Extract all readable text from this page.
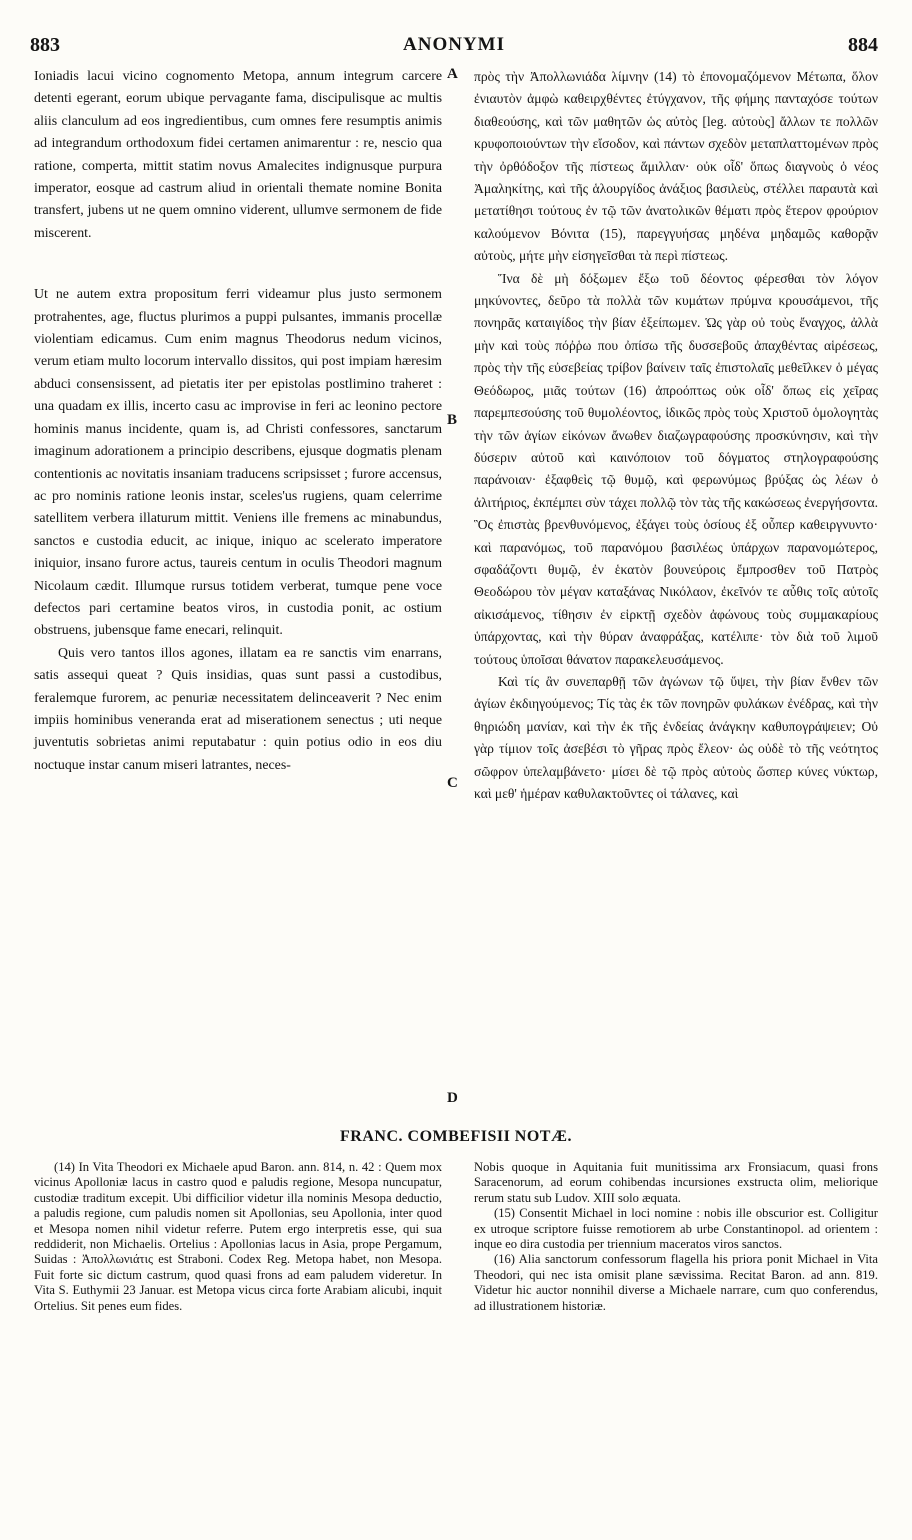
883	ANONYMI	884

Ioniadis lacui vicino cognomento Metopa, annum integrum carcere detenti egerant, eorum ubique pervagante fama, discipulisque ac multis aliis clanculum ad eos ingredientibus, cum omnes fere resumptis animis ad integrandum orthodoxum fidei certamen animarentur : re, nescio qua ratione, comperta, mittit statim novus Amalecites indignusque purpura imperator, eosque ad castrum aliud in orientali themate nomine Bonita transfert, jubens ut ne quem omnino viderent, ullumve sermonem de fide miscerent.

Ut ne autem extra propositum ferri videamur plus justo sermonem protrahentes, age, fluctus plurimos a puppi pulsantes, immanis procellæ violentiam edicamus. Cum enim magnus Theodorus nedum vicinos, verum etiam multo locorum intervallo dissitos, qui post impiam hæresim abduci consensissent, ad pietatis iter per epistolas postlimino traheret : una quadam ex illis, incerto casu ac improvise in feri ac leonino pectore hominis manus incidente, quam is, ad Christi confessores, sanctarum imaginum adorationem a principio describens, ejusque dogmatis plenam contentionis ac novitatis insaniam traducens scripsisset ; furore accensus, ac pro nominis ratione leonis instar, sceles'us rugiens, quam celerrime satellitem verbera illaturum mittit. Veniens ille fremens ac minabundus, sanctos e custodia educit, ac inique, iniquo ac scelerato imperatore iniquior, insano furore actus, taureis centum in oculis Theodori magnum Nicolaum cædit. Illumque rursus totidem verberat, tumque pene voce defectos pari certamine beatos viros, in custodia ponit, ac ostium obstruens, jubensque fame enecari, relinquit.

Quis vero tantos illos agones, illatam ea re sanctis vim enarrans, satis assequi queat ? Quis insidias, quas sunt passi a custodibus, feralemque furorem, ac penuriæ necessitatem delinceaverit ? Nec enim impiis hominibus veneranda erat ad miserationem senectus ; uti neque juventutis sobrietas animi reputabatur : quin potius odio in eos diu noctuque instar canum miseri latrantes, neces-

A
B
C
D

πρὸς τὴν Ἀπολλωνιάδα λίμνην (14) τὸ ἐπονομαζόμενον Μέτωπα, ὅλον ἐνιαυτὸν ἀμφὼ καθειρχθέντες ἐτύγχανον, τῆς φήμης πανταχόσε τούτων διαθεούσης, καὶ τῶν μαθητῶν ὡς αὐτὸς [leg. αὐτοὺς] ἄλλων τε πολλῶν κρυφοποιούντων τὴν εἴσοδον, καὶ πάντων σχεδὸν μεταπλαττομένων πρὸς τὴν ὀρθόδοξον τῆς πίστεως ἅμιλλαν· οὐκ οἶδ' ὅπως διαγνοὺς ὁ νέος Ἀμαληκίτης, καὶ τῆς ἁλουργίδος ἀνάξιος βασιλεὺς, στέλλει παραυτὰ καὶ μετατίθησι τούτους ἐν τῷ τῶν ἀνατολικῶν θέματι πρὸς ἕτερον φρούριον καλούμενον Βόνιτα (15), παρεγγυήσας μηδένα μηδαμῶς καθορᾷν αὐτοὺς, μήτε μὴν εἰσηγεῖσθαι τὰ περὶ πίστεως.

Ἵνα δὲ μὴ δόξωμεν ἔξω τοῦ δέοντος φέρεσθαι τὸν λόγον μηκύνοντες, δεῦρο τὰ πολλὰ τῶν κυμάτων πρύμνα κρουσάμενοι, τῆς πονηρᾶς καταιγίδος τὴν βίαν ἐξείπωμεν. Ὡς γὰρ οὐ τοὺς ἔναγχος, ἀλλὰ μὴν καὶ τοὺς πόῤῥω που ὀπίσω τῆς δυσσεβοῦς ἀπαχθέντας αἱρέσεως, πρὸς τὴν τῆς εὐσεβείας τρίβον βαίνειν ταῖς ἐπιστολαῖς μεθεῖλκεν ὁ μέγας Θεόδωρος, μιᾶς τούτων (16) ἀπροόπτως οὐκ οἶδ' ὅπως εἰς χεῖρας παρεμπεσούσης τοῦ θυμολέοντος, ἰδικῶς πρὸς τοὺς Χριστοῦ ὁμολογητὰς τὴν τῶν ἁγίων εἰκόνων ἄνωθεν διαζωγραφούσης προσκύνησιν, καὶ τὴν δύσεριν αὐτοῦ καὶ καινόποιον τοῦ δόγματος στηλογραφούσης παράνοιαν· ἐξαφθεὶς τῷ θυμῷ, καὶ φερωνύμως βρύξας ὡς λέων ὁ ἀλιτήριος, ἐκπέμπει σὺν τάχει πολλῷ τὸν τὰς τῆς κακώσεως ἐνεργήσοντα. Ὃς ἐπιστὰς βρενθυνόμενος, ἐξάγει τοὺς ὁσίους ἐξ οὗπερ καθειργνυντο· καὶ παρανόμως, τοῦ παρανόμου βασιλέως ὑπάρχων παρανομώτερος, σφαδάζοντι θυμῷ, ἐν ἑκατὸν βουνεύροις ἔμπροσθεν τοῦ Πατρὸς Θεοδώρου τὸν μέγαν καταξάνας Νικόλαον, ἐκεῖνόν τε αὖθις τοῖς αὐτοῖς αἰκισάμενος, τίθησιν ἐν εἱρκτῇ σχεδὸν ἀφώνους τοὺς συμμακαρίους ὑπάρχοντας, καὶ τὴν θύραν ἀναφράξας, κατέλιπε· τὸν διὰ τοῦ λιμοῦ τούτους ὑποῖσαι θάνατον παρακελευσάμενος.

Καὶ τίς ἂν συνεπαρθῇ τῶν ἀγώνων τῷ ὕψει, τὴν βίαν ἔνθεν τῶν ἁγίων ἐκδιηγούμενος; Τίς τὰς ἐκ τῶν πονηρῶν φυλάκων ἐνέδρας, καὶ τὴν θηριώδη μανίαν, καὶ τὴν ἐκ τῆς ἐνδείας ἀνάγκην καθυπογράψειεν; Οὐ γὰρ τίμιον τοῖς ἀσεβέσι τὸ γῆρας πρὸς ἔλεον· ὡς οὐδὲ τὸ τῆς νεότητος σῶφρον ὑπελαμβάνετο· μίσει δὲ τῷ πρὸς αὐτοὺς ὥσπερ κύνες νύκτωρ, καὶ μεθ' ἡμέραν καθυλακτοῦντες οἱ τάλανες, καὶ

FRANC. COMBEFISII NOTÆ.

(14) In Vita Theodori ex Michaele apud Baron. ann. 814, n. 42 : Quem mox vicinus Apolloniæ lacus in castro quod e paludis regione, Mesopa nuncupatur, custodiæ traditum excepit. Ubi difficilior videtur illa nominis Mesopa deductio, a paludis regione, cum paludis nomen sit Apollonias, seu Apollonia, inter quod et Mesopa nomen nihil videtur referre. Putem ergo interpretis esse, qui sua reddiderit, non Michaelis. Ortelius : Apollonias lacus in Asia, prope Pergamum, Suidas : Ἀπολλωνιάτις est Straboni. Codex Reg. Metopa habet, non Mesopa. Fuit forte sic dictum castrum, quod quasi frons ad eam paludem videretur. In Vita S. Euthymii 23 Januar. est Metopa vicus circa forte Arabiam alicubi, inquit Ortelius. Sit penes eum fides.

Nobis quoque in Aquitania fuit munitissima arx Fronsiacum, quasi frons Saracenorum, ad eorum cohibendas incursiones exstructa olim, meliorique rerum statu sub Ludov. XIII solo æquata.

(15) Consentit Michael in loci nomine : nobis ille obscurior est. Colligitur ex utroque scriptore fuisse remotiorem ab urbe Constantinopol. ad orientem : inque eo dira custodia per triennium maceratos viros sanctos.

(16) Alia sanctorum confessorum flagella his priora ponit Michael in Vita Theodori, qui nec ista omisit plane sævissima. Recitat Baron. ad ann. 819. Videtur hic auctor nonnihil diverse a Michaele narrare, cum quo conferendus, ad illustrationem historiæ.
